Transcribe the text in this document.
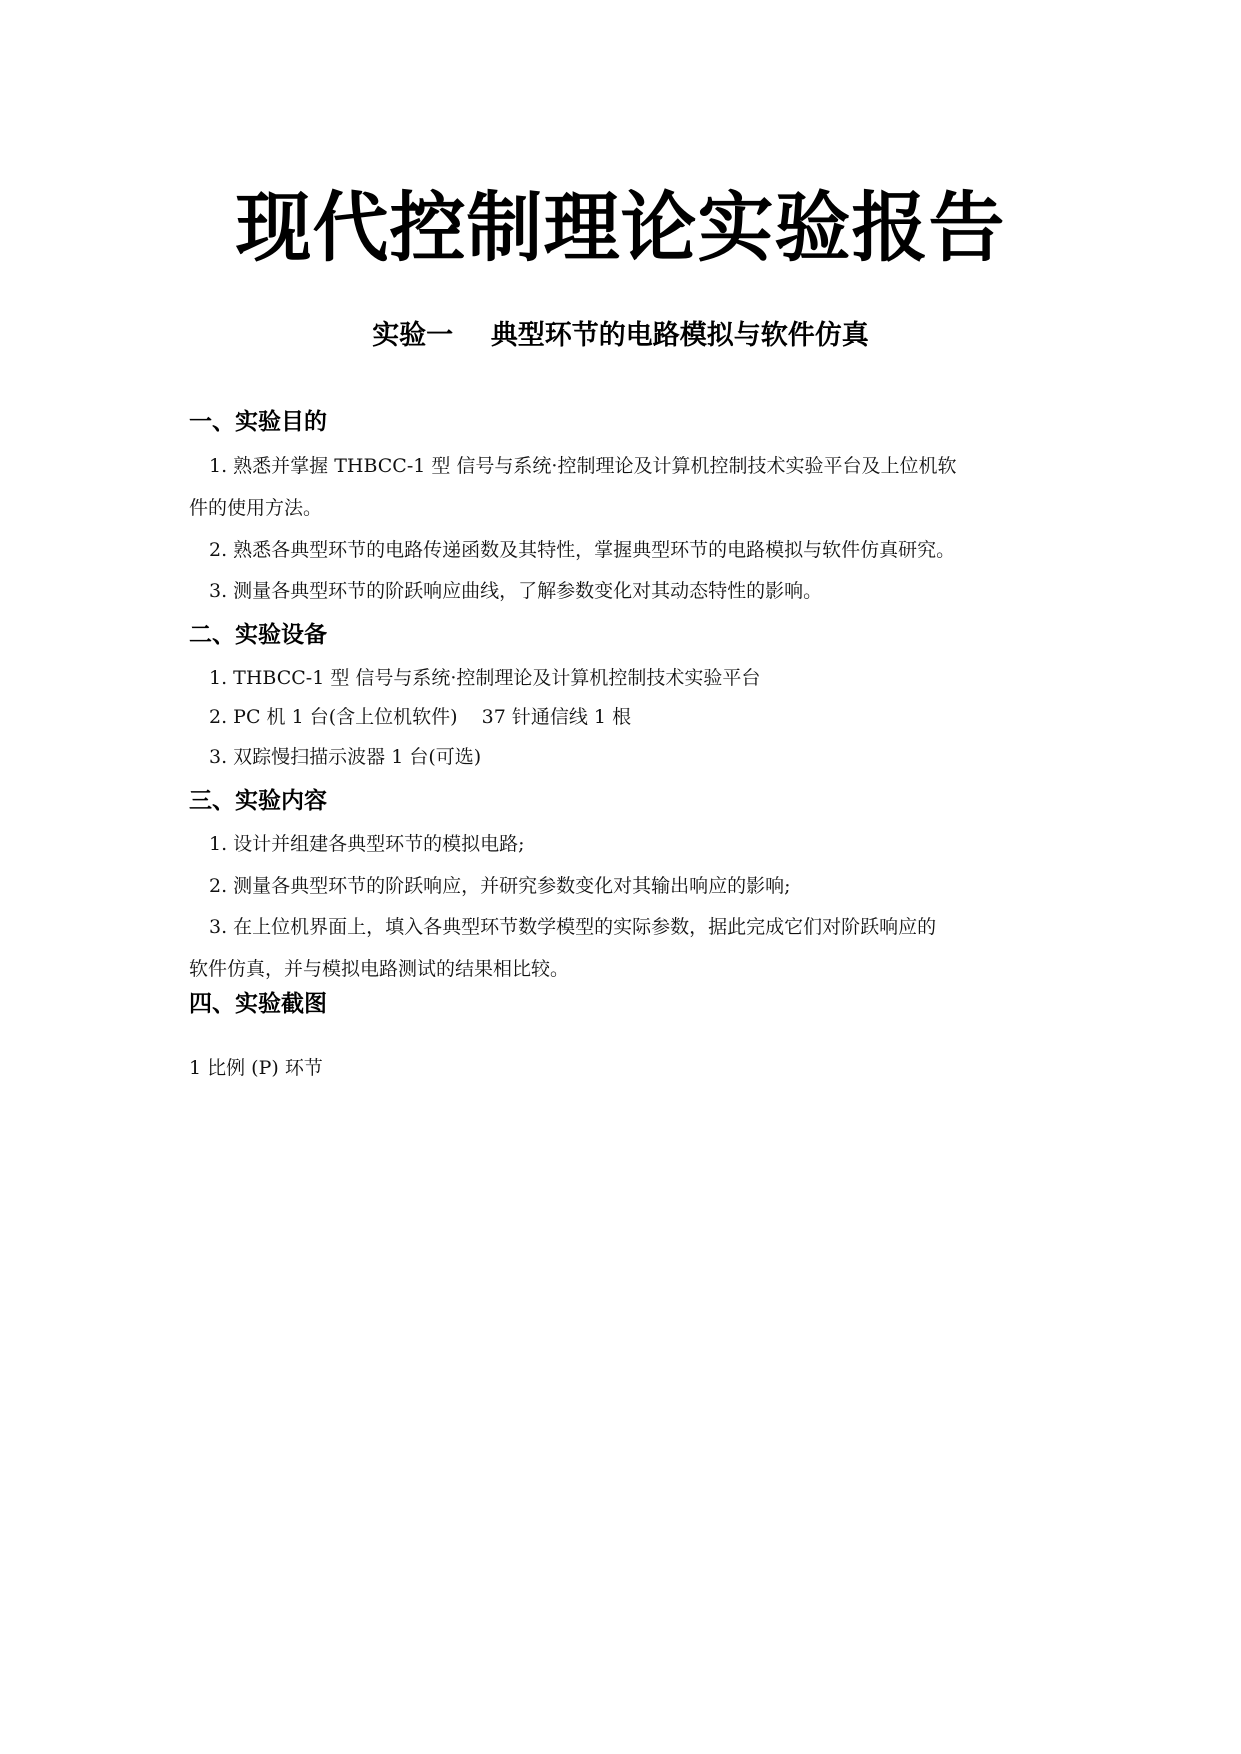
现代控制理论实验报告
实验一    典型环节的电路模拟与软件仿真
一、实验目的
1. 熟悉并掌握 THBCC-1 型 信号与系统·控制理论及计算机控制技术实验平台及上位机软
件的使用方法。
2. 熟悉各典型环节的电路传递函数及其特性，掌握典型环节的电路模拟与软件仿真研究。
3. 测量各典型环节的阶跃响应曲线，了解参数变化对其动态特性的影响。
二、实验设备
1. THBCC-1 型 信号与系统·控制理论及计算机控制技术实验平台
2. PC 机 1 台(含上位机软件)    37 针通信线 1 根
3. 双踪慢扫描示波器 1 台(可选)
三、实验内容
1. 设计并组建各典型环节的模拟电路;
2. 测量各典型环节的阶跃响应，并研究参数变化对其输出响应的影响;
3. 在上位机界面上，填入各典型环节数学模型的实际参数，据此完成它们对阶跃响应的
软件仿真，并与模拟电路测试的结果相比较。
四、实验截图
1 比例 (P) 环节
